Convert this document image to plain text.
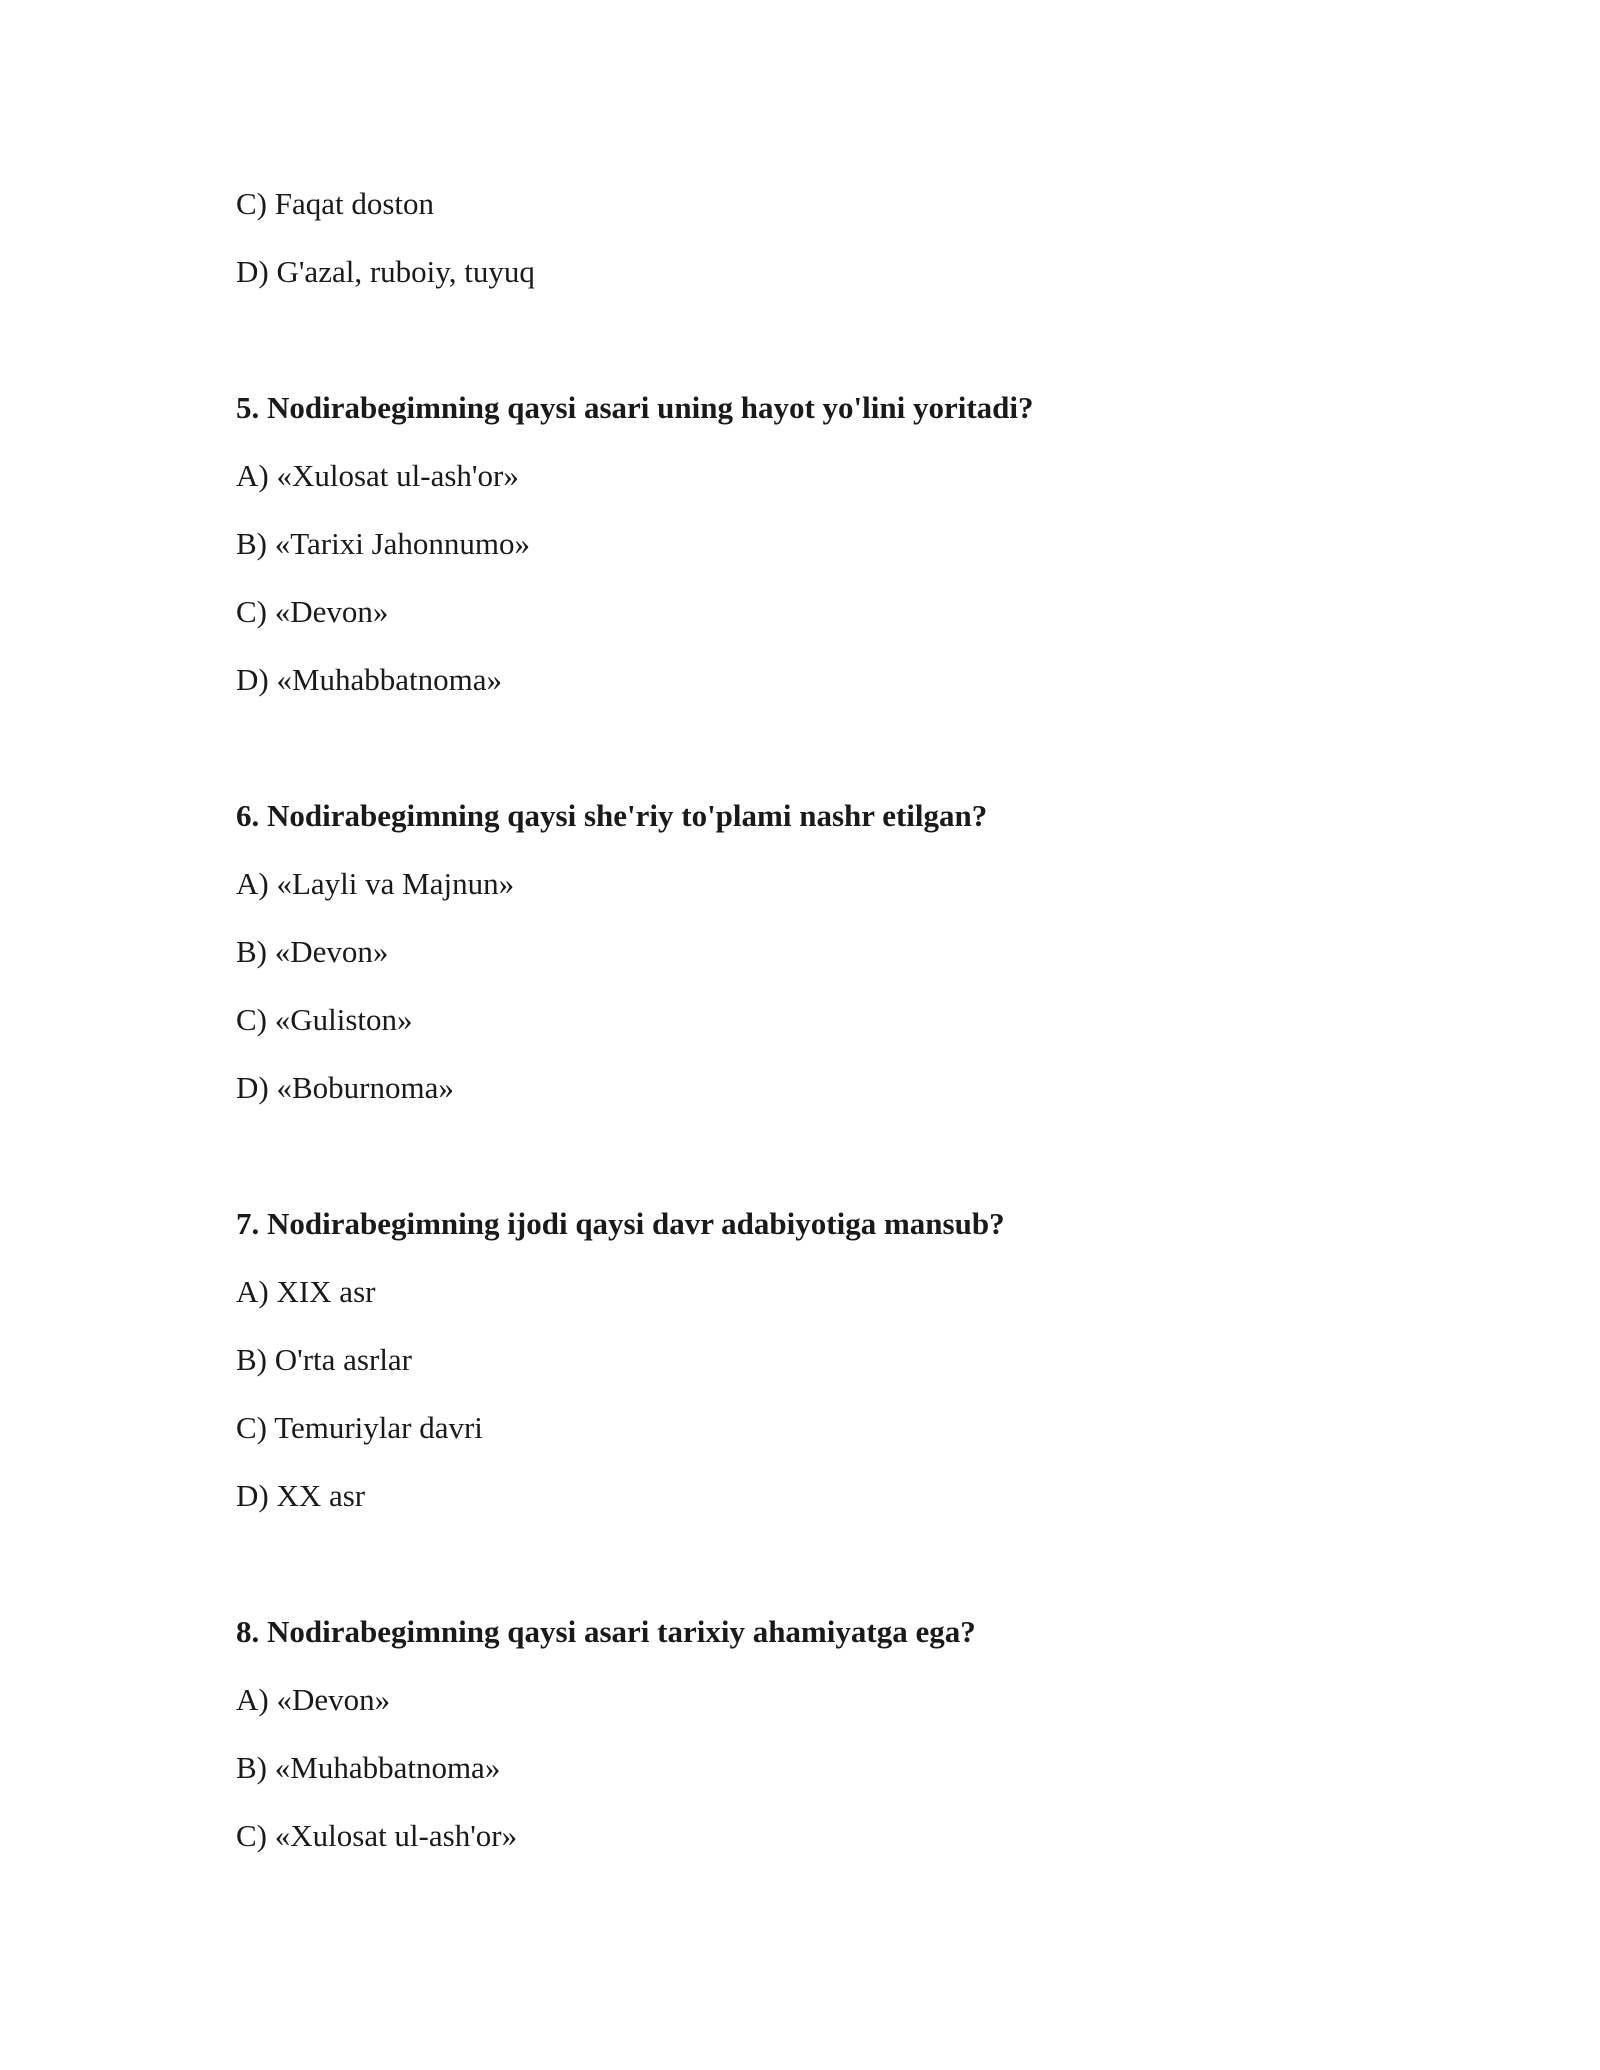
C) Faqat doston
D) G'azal, ruboiy, tuyuq
5. Nodirabegimning qaysi asari uning hayot yo'lini yoritadi?
A) «Xulosat ul-ash'or»
B) «Tarixi Jahonnumo»
C) «Devon»
D) «Muhabbatnoma»
6. Nodirabegimning qaysi she'riy to'plami nashr etilgan?
A) «Layli va Majnun»
B) «Devon»
C) «Guliston»
D) «Boburnoma»
7. Nodirabegimning ijodi qaysi davr adabiyotiga mansub?
A) XIX asr
B) O'rta asrlar
C) Temuriylar davri
D) XX asr
8. Nodirabegimning qaysi asari tarixiy ahamiyatga ega?
A) «Devon»
B) «Muhabbatnoma»
C) «Xulosat ul-ash'or»
